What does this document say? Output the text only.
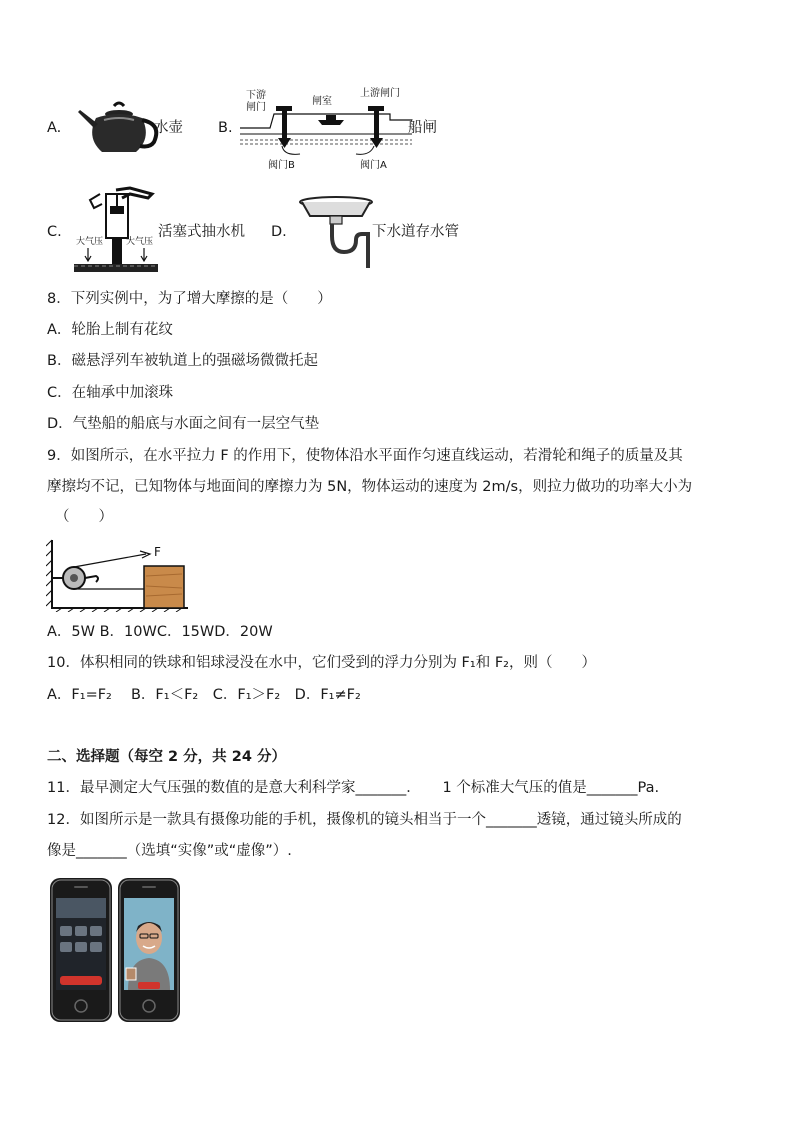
A.	水壶 B.
下游
闸门
闸室
上游闸门
阀门B	阀门A
船闸
C.
大气压	大气压
活塞式抽水机 D.	下水道存水管
8．下列实例中，为了增大摩擦的是（　　）
A．轮胎上制有花纹
B．磁悬浮列车被轨道上的强磁场微微托起
C．在轴承中加滚珠
D．气垫船的船底与水面之间有一层空气垫
9．如图所示，在水平拉力 F 的作用下，使物体沿水平面作匀速直线运动，若滑轮和绳子的质量及其
摩擦均不记，已知物体与地面间的摩擦力为 5N，物体运动的速度为 2m/s，则拉力做功的功率大小为
（　　）
F
A．5W B．10WC．15WD．20W
10．体积相同的铁球和铝球浸没在水中，它们受到的浮力分别为 F₁和 F₂，则（　　）
A．F₁=F₂　 B．F₁＜F₂　C．F₁＞F₂　D．F₁≠F₂
二、选择题（每空 2 分，共 24 分）
11．最早测定大气压强的数值的是意大利科学家_______．　　1 个标准大气压的值是_______Pa.
12．如图所示是一款具有摄像功能的手机，摄像机的镜头相当于一个_______透镜，通过镜头所成的
像是_______（选填“实像”或“虚像”）.
